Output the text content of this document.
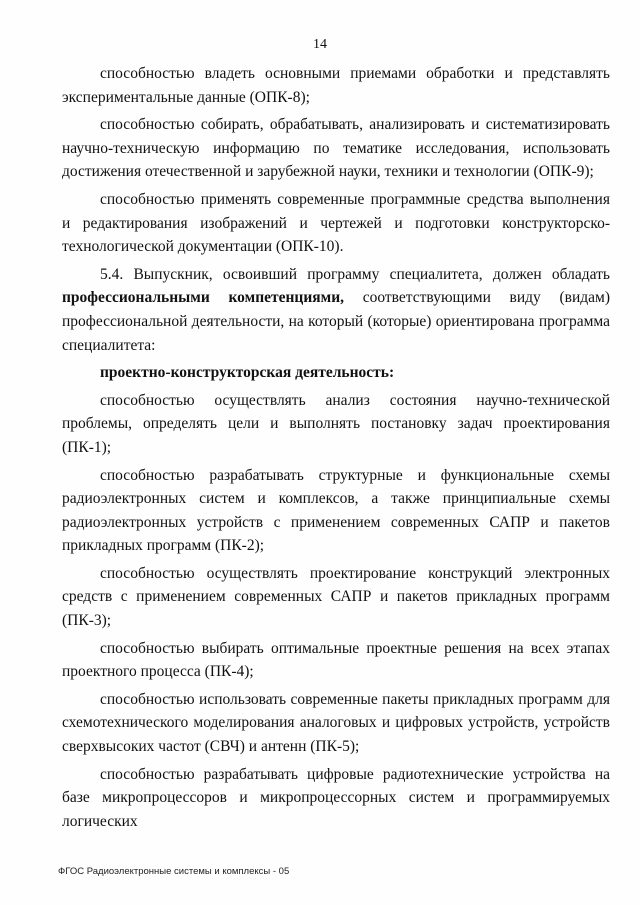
14

способностью владеть основными приемами обработки и представлять экспериментальные данные (ОПК-8);

способностью собирать, обрабатывать, анализировать и систематизировать научно-техническую информацию по тематике исследования, использовать достижения отечественной и зарубежной науки, техники и технологии (ОПК-9);

способностью применять современные программные средства выполнения и редактирования изображений и чертежей и подготовки конструкторско-технологической документации (ОПК-10).

5.4. Выпускник, освоивший программу специалитета, должен обладать профессиональными компетенциями, соответствующими виду (видам) профессиональной деятельности, на который (которые) ориентирована программа специалитета:

проектно-конструкторская деятельность:

способностью осуществлять анализ состояния научно-технической проблемы, определять цели и выполнять постановку задач проектирования (ПК-1);

способностью разрабатывать структурные и функциональные схемы радиоэлектронных систем и комплексов, а также принципиальные схемы радиоэлектронных устройств с применением современных САПР и пакетов прикладных программ (ПК-2);

способностью осуществлять проектирование конструкций электронных средств с применением современных САПР и пакетов прикладных программ (ПК-3);

способностью выбирать оптимальные проектные решения на всех этапах проектного процесса (ПК-4);

способностью использовать современные пакеты прикладных программ для схемотехнического моделирования аналоговых и цифровых устройств, устройств сверхвысоких частот (СВЧ) и антенн (ПК-5);

способностью разрабатывать цифровые радиотехнические устройства на базе микропроцессоров и микропроцессорных систем и программируемых логических

ФГОС Радиоэлектронные системы и комплексы - 05
